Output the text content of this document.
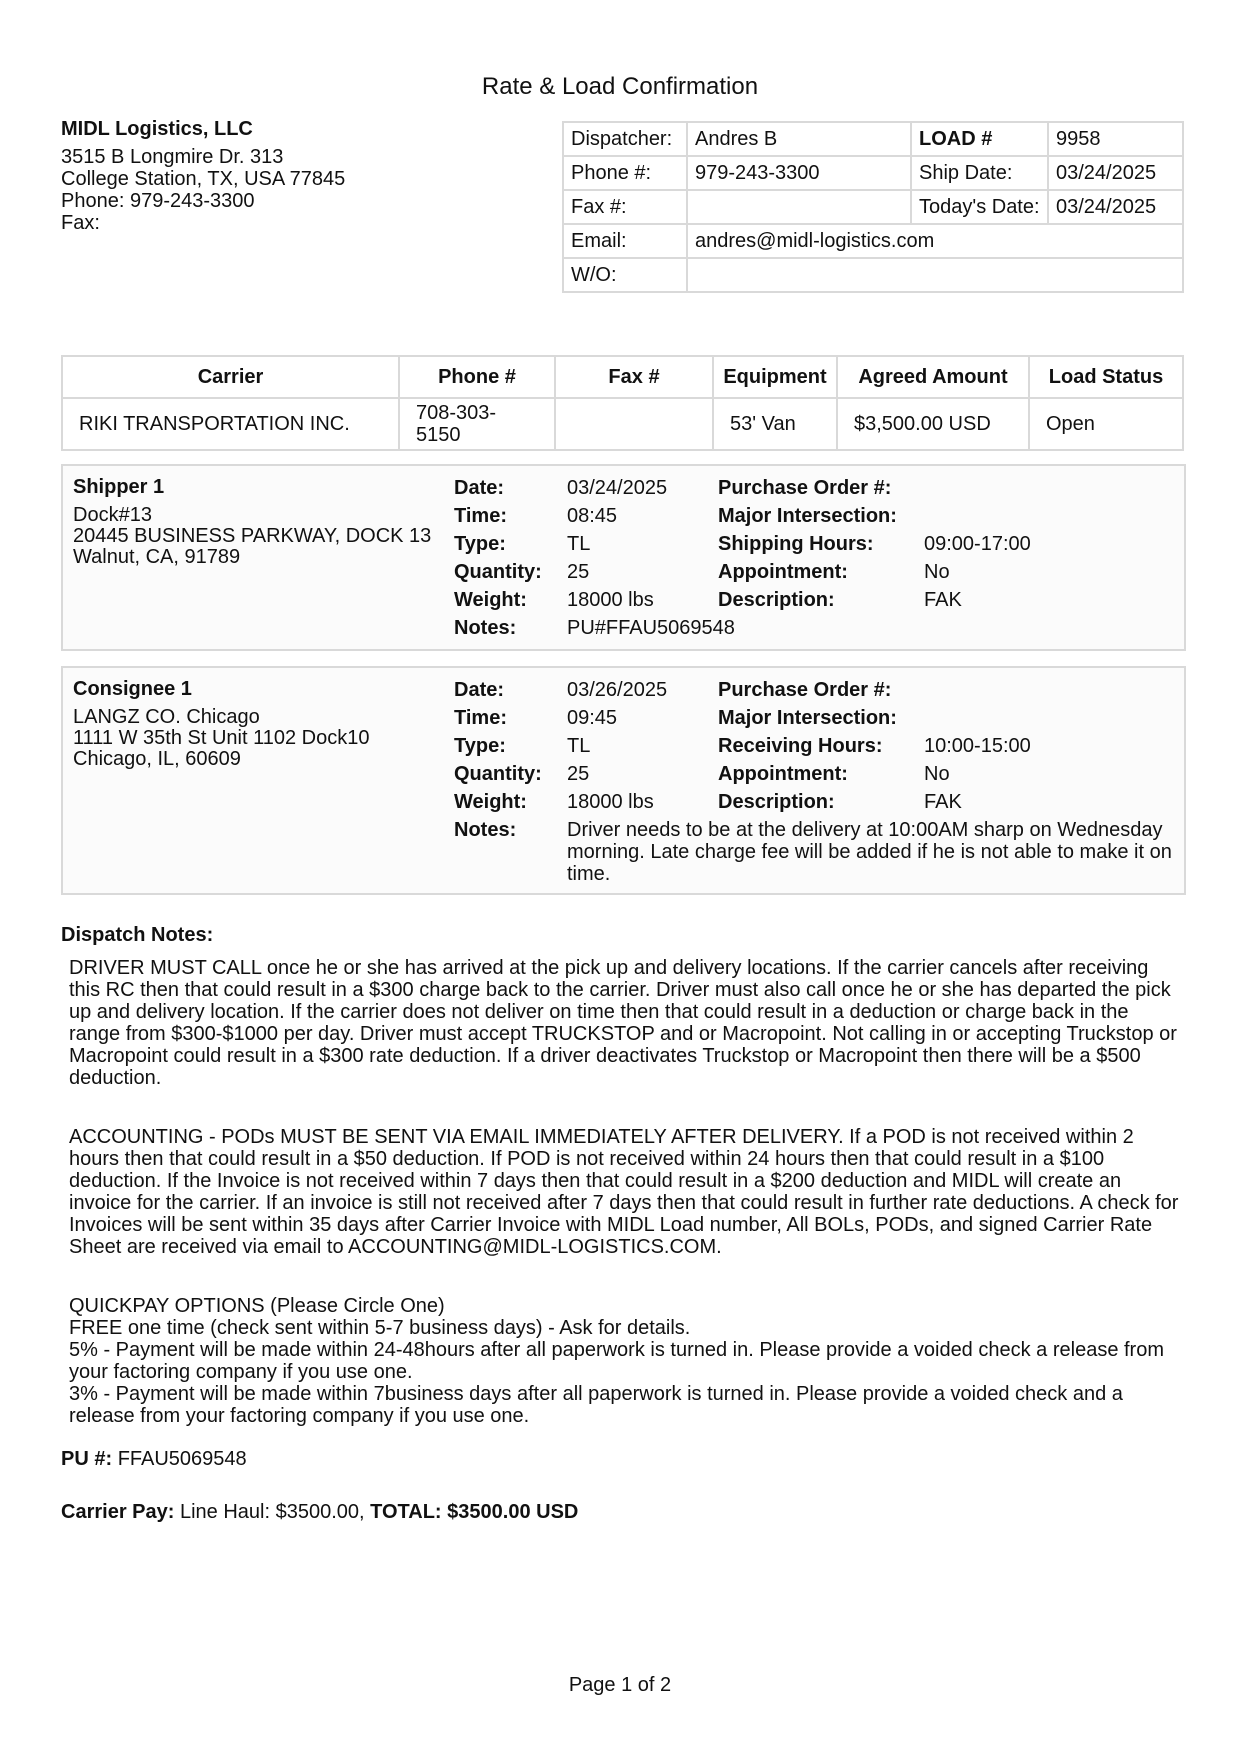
Rate & Load Confirmation
MIDL Logistics, LLC
3515 B Longmire Dr. 313
College Station, TX, USA 77845
Phone: 979-243-3300
Fax:
Dispatcher:	Andres B	LOAD #	9958
Phone #:	979-243-3300	Ship Date:	03/24/2025
Fax #:		Today's Date:	03/24/2025
Email:	andres@midl-logistics.com		
W/O:			
Carrier	Phone #	Fax #	Equipment	Agreed Amount	Load Status
RIKI TRANSPORTATION INC.	708-303-5150		53' Van	$3,500.00 USD	Open
Shipper 1
Dock#13
20445 BUSINESS PARKWAY, DOCK 13
Walnut, CA, 91789
Date:	03/24/2025	Purchase Order #:
Time:	08:45	Major Intersection:
Type:	TL	Shipping Hours:	09:00-17:00
Quantity: 25	Appointment:	No
Weight: 18000 lbs	Description:	FAK
Notes:	PU#FFAU5069548
Consignee 1
LANGZ CO. Chicago
1111 W 35th St Unit 1102 Dock10
Chicago, IL, 60609
Date:	03/26/2025	Purchase Order #:
Time:	09:45	Major Intersection:
Type:	TL	Receiving Hours: 10:00-15:00
Quantity: 25	Appointment:	No
Weight: 18000 lbs	Description:	FAK
Notes:	Driver needs to be at the delivery at 10:00AM sharp on Wednesday morning. Late charge fee will be added if he is not able to make it on time.
Dispatch Notes:
DRIVER MUST CALL once he or she has arrived at the pick up and delivery locations. If the carrier cancels after receiving this RC then that could result in a $300 charge back to the carrier. Driver must also call once he or she has departed the pick up and delivery location. If the carrier does not deliver on time then that could result in a deduction or charge back in the range from $300-$1000 per day. Driver must accept TRUCKSTOP and or Macropoint. Not calling in or accepting Truckstop or Macropoint could result in a $300 rate deduction. If a driver deactivates Truckstop or Macropoint then there will be a $500 deduction.
ACCOUNTING - PODs MUST BE SENT VIA EMAIL IMMEDIATELY AFTER DELIVERY. If a POD is not received within 2 hours then that could result in a $50 deduction. If POD is not received within 24 hours then that could result in a $100 deduction. If the Invoice is not received within 7 days then that could result in a $200 deduction and MIDL will create an invoice for the carrier. If an invoice is still not received after 7 days then that could result in further rate deductions. A check for Invoices will be sent within 35 days after Carrier Invoice with MIDL Load number, All BOLs, PODs, and signed Carrier Rate Sheet are received via email to ACCOUNTING@MIDL-LOGISTICS.COM.
QUICKPAY OPTIONS (Please Circle One)
FREE one time (check sent within 5-7 business days) - Ask for details.
5% - Payment will be made within 24-48hours after all paperwork is turned in. Please provide a voided check a release from your factoring company if you use one.
3% - Payment will be made within 7business days after all paperwork is turned in. Please provide a voided check and a release from your factoring company if you use one.
PU #: FFAU5069548
Carrier Pay: Line Haul: $3500.00, TOTAL: $3500.00 USD
Page 1 of 2
